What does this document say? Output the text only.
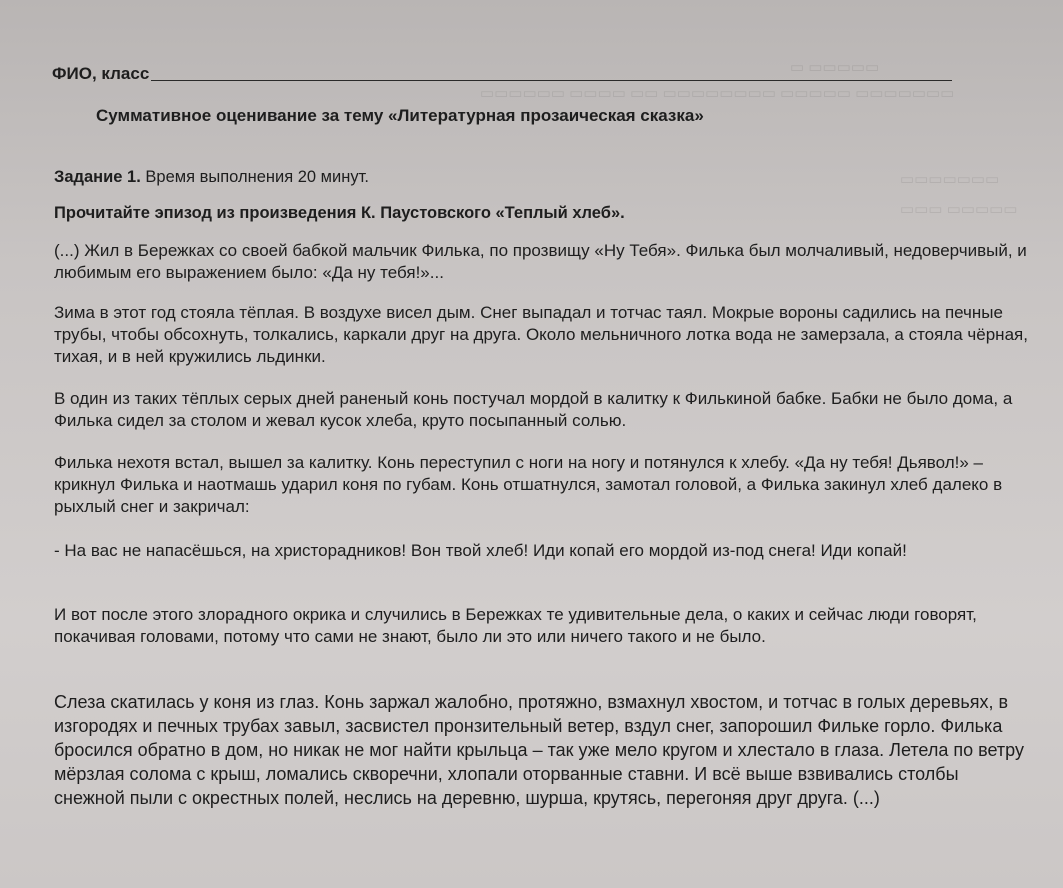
▭▭▭▭▭ ▭
▭▭▭▭▭▭▭ ▭▭▭▭▭ ▭▭▭▭▭▭▭▭ ▭▭ ▭▭▭▭ ▭▭▭▭▭▭
▭▭▭▭▭▭▭
▭▭▭▭▭ ▭▭▭
ФИО, класс
Суммативное оценивание за тему «Литературная прозаическая сказка»
Задание 1. Время выполнения 20 минут.
Прочитайте эпизод из произведения К. Паустовского «Теплый хлеб».

(...) Жил в Бережках со своей бабкой мальчик Филька, по прозвищу «Ну Тебя». Филька был молчаливый, недоверчивый, и любимым его выражением было: «Да ну тебя!»...

Зима в этот год стояла тёплая. В воздухе висел дым. Снег выпадал и тотчас таял. Мокрые вороны садились на печные трубы, чтобы обсохнуть, толкались, каркали друг на друга. Около мельничного лотка вода не замерзала, а стояла чёрная, тихая, и в ней кружились льдинки.

В один из таких тёплых серых дней раненый конь постучал мордой в калитку к Филькиной бабке. Бабки не было дома, а Филька сидел за столом и жевал кусок хлеба, круто посыпанный солью.

Филька нехотя встал, вышел за калитку. Конь переступил с ноги на ногу и потянулся к хлебу. «Да ну тебя! Дьявол!» – крикнул Филька и наотмашь ударил коня по губам. Конь отшатнулся, замотал головой, а Филька закинул хлеб далеко в рыхлый снег и закричал:

- На вас не напасёшься, на христорадников! Вон твой хлеб! Иди копай его мордой из-под снега! Иди копай!

И вот после этого злорадного окрика и случились в Бережках те удивительные дела, о каких и сейчас люди говорят, покачивая головами, потому что сами не знают, было ли это или ничего такого и не было.

Слеза скатилась у коня из глаз. Конь заржал жалобно, протяжно, взмахнул хвостом, и тотчас в голых деревьях, в изгородях и печных трубах завыл, засвистел пронзительный ветер, вздул снег, запорошил Фильке горло. Филька бросился обратно в дом, но никак не мог найти крыльца – так уже мело кругом и хлестало в глаза. Летела по ветру мёрзлая солома с крыш, ломались скворечни, хлопали оторванные ставни. И всё выше взвивались столбы снежной пыли с окрестных полей, неслись на деревню, шурша, крутясь, перегоняя друг друга. (...)
